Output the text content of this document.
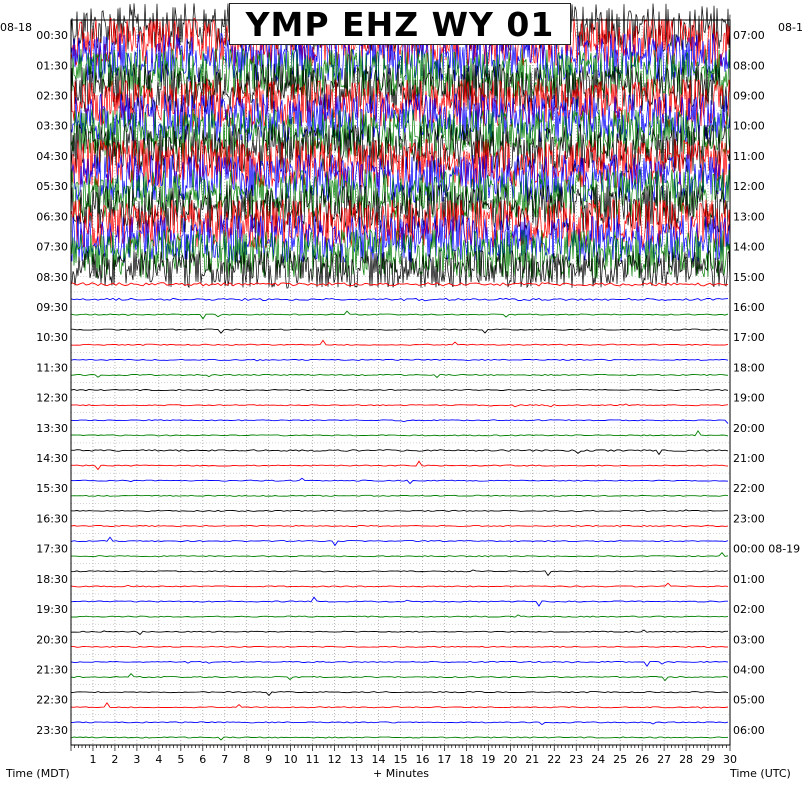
1 2 3 4 5 6 7 8 9 10 11 12 13 14 15 16 17 18 19 20 21 22 23 24 25 26 27 28 29 30
00:30
01:30
02:30
03:30
04:30
05:30
06:30
07:30
08:30
09:30
10:30
11:30
12:30
13:30
14:30
15:30
16:30
17:30
18:30
19:30
20:30
21:30
22:30
23:30
07:00
08:00
09:00
10:00
11:00
12:00
13:00
14:00
15:00
16:00
17:00
18:00
19:00
20:00
21:00
22:00
23:00
00:00 08-19
01:00
02:00
03:00
04:00
05:00
06:00
YMP EHZ WY 01
08-18	08-1
Time (MDT)	+ Minutes	Time (UTC)
